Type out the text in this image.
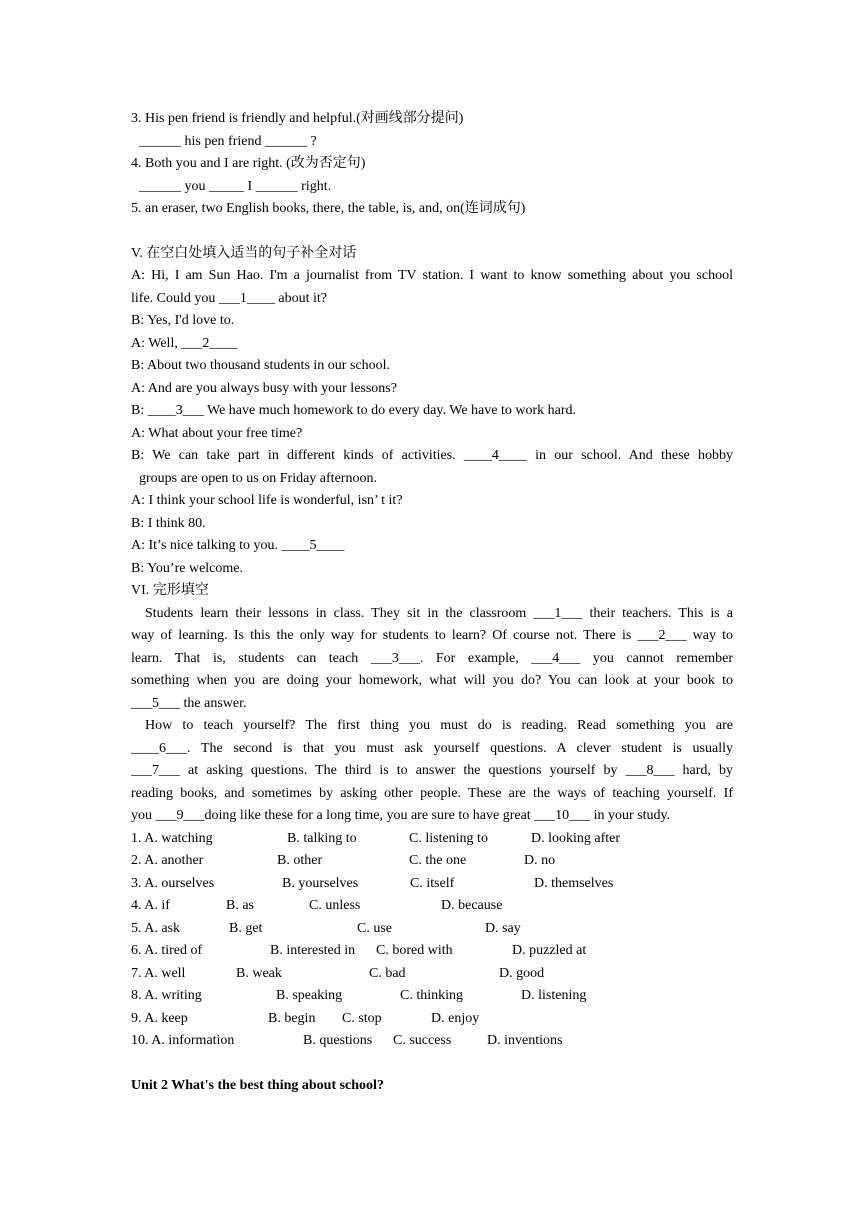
3. His pen friend is friendly and helpful.(对画线部分提问)
______ his pen friend ______ ?
4. Both you and I are right. (改为否定句)
______ you _____ I ______ right.
5. an eraser, two English books, there, the table, is, and, on(连词成句)
V. 在空白处填入适当的句子补全对话
A: Hi, I am Sun Hao. I'm a journalist from TV station. I want to know something about you school
life. Could you ___1____ about it?
B: Yes, I'd love to.
A: Well, ___2____
B: About two thousand students in our school.
A: And are you always busy with your lessons?
B: ____3___ We have much homework to do every day. We have to work hard.
A: What about your free time?
B: We can take part in different kinds of activities. ____4____ in our school. And these hobby
groups are open to us on Friday afternoon.
A: I think your school life is wonderful, isn’ t it?
B: I think 80.
A: It’s nice talking to you. ____5____
B: You’re welcome.
VI. 完形填空
Students learn their lessons in class. They sit in the classroom ___1___ their teachers. This is a
way of learning. Is this the only way for students to learn? Of course not. There is ___2___ way to
learn. That is, students can teach ___3___. For example, ___4___ you cannot remember
something when you are doing your homework, what will you do? You can look at your book to
___5___ the answer.
How to teach yourself? The first thing you must do is reading. Read something you are
____6___. The second is that you must ask yourself questions. A clever student is usually
___7___ at asking questions. The third is to answer the questions yourself by ___8___ hard, by
reading books, and sometimes by asking other people. These are the ways of teaching yourself. If
you ___9___doing like these for a long time, you are sure to have great ___10___ in your study.
1. A. watching	B. talking to	C. listening to	D. looking after
2. A. another	B. other	C. the one	D. no
3. A. ourselves	B. yourselves	C. itself	D. themselves
4. A. if	B. as	C. unless	D. because
5. A. ask	B. get	C. use	D. say
6. A. tired of	B. interested in	C. bored with	D. puzzled at
7. A. well	B. weak	C. bad	D. good
8. A. writing	B. speaking	C. thinking	D. listening
9. A. keep	B. begin	C. stop	D. enjoy
10. A. information	B. questions	C. success	D. inventions
Unit 2 What's the best thing about school?
